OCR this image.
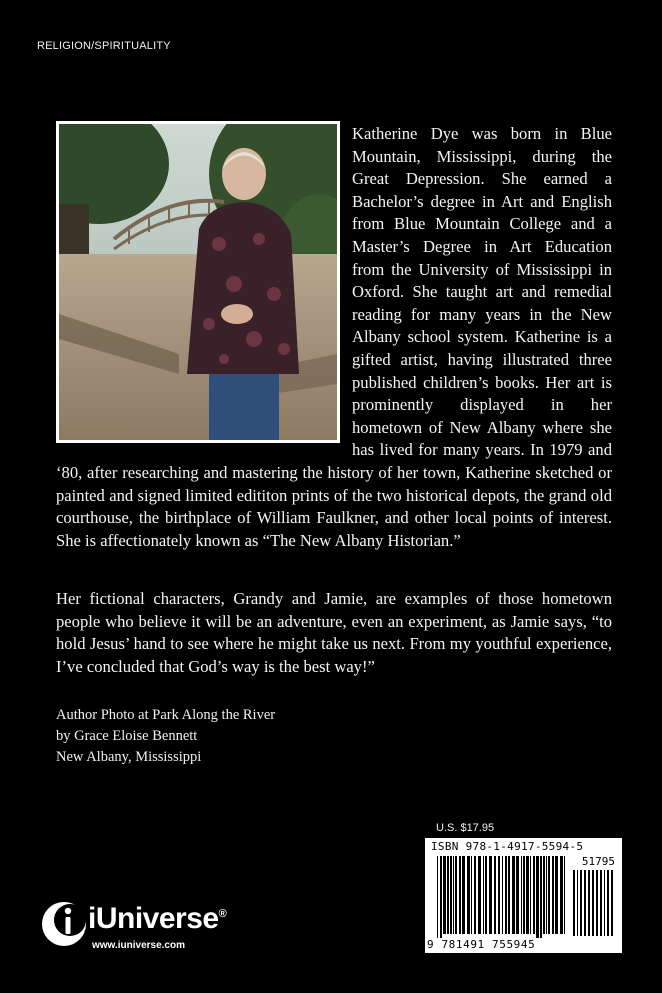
RELIGION/SPIRITUALITY

Katherine Dye was born in Blue Mountain, Mississippi, during the Great Depression. She earned a Bachelor’s degree in Art and English from Blue Mountain College and a Master’s Degree in Art Education from the University of Mississippi in Oxford. She taught art and remedial reading for many years in the New Albany school system. Katherine is a gifted artist, having illustrated three published children’s books. Her art is prominently displayed in her hometown of New Albany where she has lived for many years. In 1979 and ‘80, after researching and mastering the history of her town, Katherine sketched or painted and signed limited edititon prints of the two historical depots, the grand old courthouse, the birthplace of William Faulkner, and other local points of interest. She is affectionately known as “The New Albany Historian.”

Her fictional characters, Grandy and Jamie, are examples of those hometown people who believe it will be an adventure, even an experiment, as Jamie says, “to hold Jesus’ hand to see where he might take us next. From my youthful experience, I’ve concluded that God’s way is the best way!”

Author Photo at Park Along the River
by Grace Eloise Bennett
New Albany, Mississippi
U.S. $17.95
ISBN 978-1-4917-5594-5
51795
9 781491 755945
iUniverse®
www.iuniverse.com
